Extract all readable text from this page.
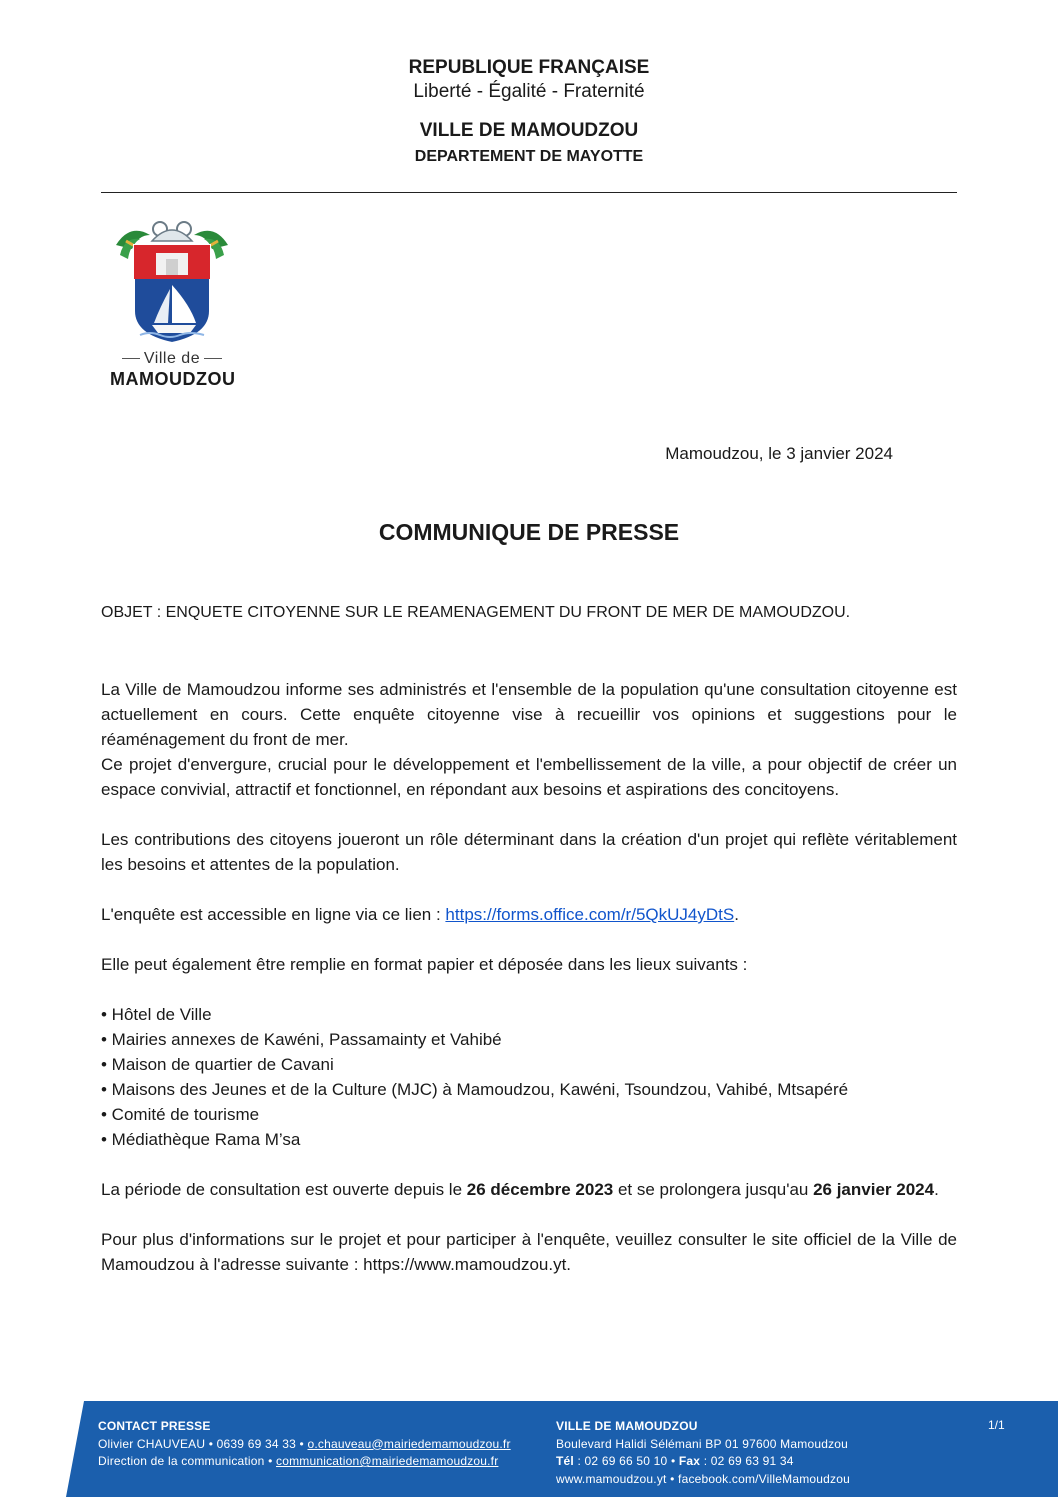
REPUBLIQUE FRANÇAISE
Liberté - Égalité - Fraternité
VILLE DE MAMOUDZOU
DEPARTEMENT DE MAYOTTE
Ville de
MAMOUDZOU
Mamoudzou, le 3 janvier 2024
COMMUNIQUE DE PRESSE
OBJET : ENQUETE CITOYENNE SUR LE REAMENAGEMENT DU FRONT DE MER DE MAMOUDZOU.

La Ville de Mamoudzou informe ses administrés et l'ensemble de la population qu'une consultation citoyenne est actuellement en cours. Cette enquête citoyenne vise à recueillir vos opinions et suggestions pour le réaménagement du front de mer.

Ce projet d'envergure, crucial pour le développement et l'embellissement de la ville, a pour objectif de créer un espace convivial, attractif et fonctionnel, en répondant aux besoins et aspirations des concitoyens.

Les contributions des citoyens joueront un rôle déterminant dans la création d'un projet qui reflète véritablement les besoins et attentes de la population.

L'enquête est accessible en ligne via ce lien : https://forms.office.com/r/5QkUJ4yDtS.

Elle peut également être remplie en format papier et déposée dans les lieux suivants :

• Hôtel de Ville
• Mairies annexes de Kawéni, Passamainty et Vahibé
• Maison de quartier de Cavani
• Maisons des Jeunes et de la Culture (MJC) à Mamoudzou, Kawéni, Tsoundzou, Vahibé, Mtsapéré
• Comité de tourisme
• Médiathèque Rama M’sa

La période de consultation est ouverte depuis le 26 décembre 2023 et se prolongera jusqu'au 26 janvier 2024.

Pour plus d'informations sur le projet et pour participer à l'enquête, veuillez consulter le site officiel de la Ville de Mamoudzou à l'adresse suivante : https://www.mamoudzou.yt.

CONTACT PRESSE
Olivier CHAUVEAU • 0639 69 34 33 • o.chauveau@mairiedemamoudzou.fr
Direction de la communication • communication@mairiedemamoudzou.fr
VILLE DE MAMOUDZOU
Boulevard Halidi Sélémani BP 01 97600 Mamoudzou
Tél : 02 69 66 50 10 • Fax : 02 69 63 91 34
www.mamoudzou.yt • facebook.com/VilleMamoudzou
1/1
